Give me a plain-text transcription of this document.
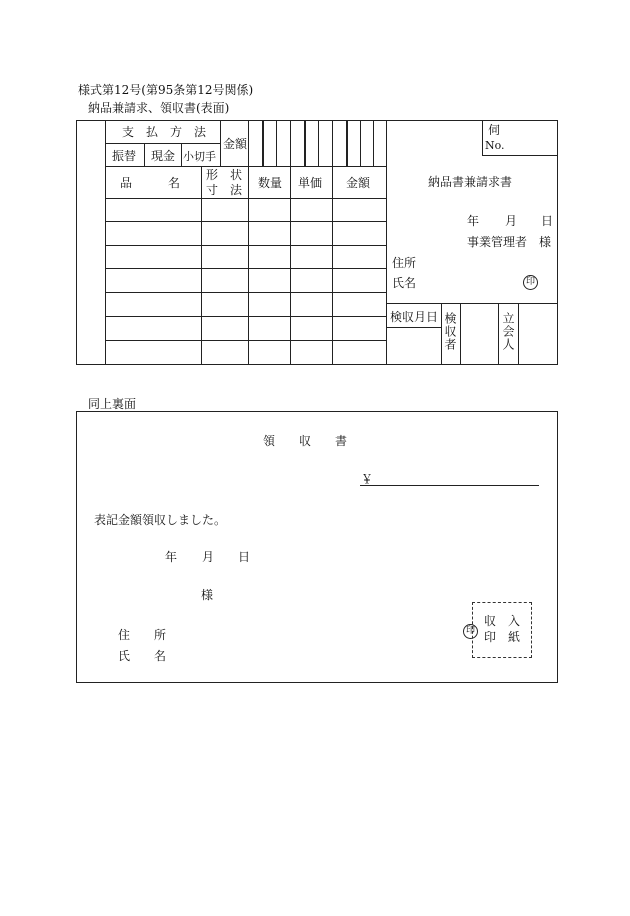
様式第12号(第95条第12号関係)
納品兼請求、領収書(表面)
支　払　方　法
振替 現金 小切手
金額
品　　　名
形　状
寸　法 数量 単価 金額
伺
No.
納品書兼請求書
年 月 日
事業管理者　様
住所
氏名	印
検収月日 検収者	立会人
同上裏面
領　　収　　書
￥
表記金額領収しました。
年 月 日
様
住　　所
氏　　名
印
収　入
印　紙
